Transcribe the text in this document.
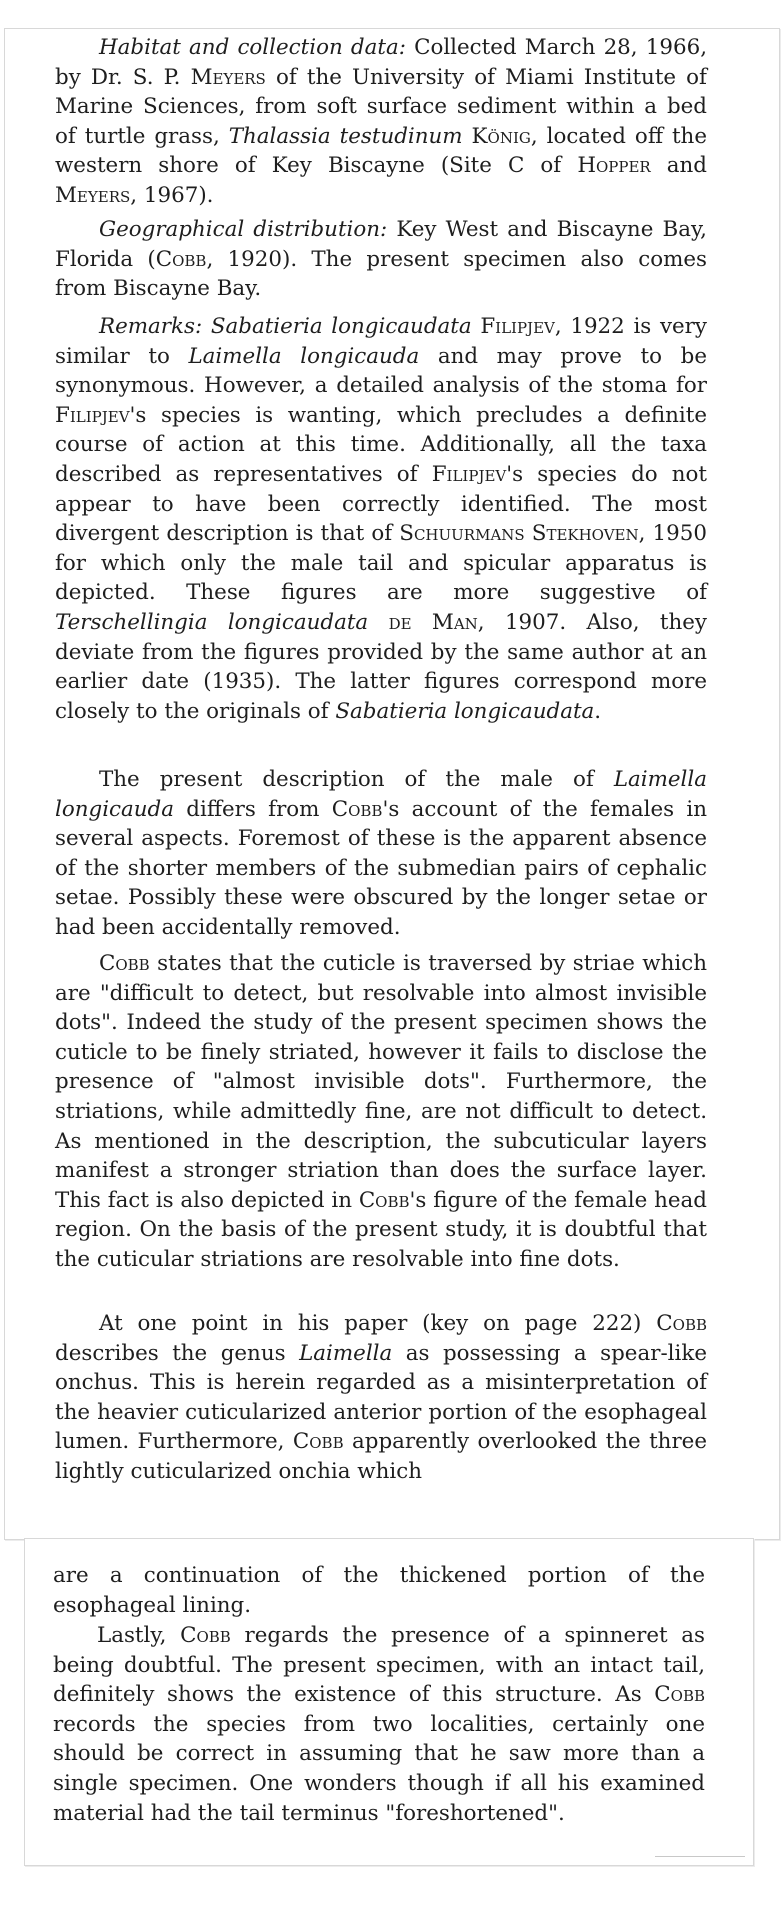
Habitat and collection data: Collected March 28, 1966, by Dr. S. P. Meyers of the University of Miami Institute of Marine Sciences, from soft surface sediment within a bed of turtle grass, Thalassia testudinum König, located off the western shore of Key Biscayne (Site C of Hopper and Meyers, 1967).

Geographical distribution: Key West and Biscayne Bay, Florida (Cobb, 1920). The present specimen also comes from Biscayne Bay.

Remarks: Sabatieria longicaudata Filipjev, 1922 is very similar to Laimella longicauda and may prove to be synonymous. However, a detailed analysis of the stoma for Filipjev's species is wanting, which precludes a definite course of action at this time. Additionally, all the taxa described as representatives of Filipjev's species do not appear to have been correctly identified. The most divergent description is that of Schuurmans Stekhoven, 1950 for which only the male tail and spicular apparatus is depicted. These figures are more suggestive of Terschellingia longicaudata de Man, 1907. Also, they deviate from the figures provided by the same author at an earlier date (1935). The latter figures correspond more closely to the originals of Sabatieria longicaudata.

The present description of the male of Laimella longicauda differs from Cobb's account of the females in several aspects. Foremost of these is the apparent absence of the shorter members of the submedian pairs of cephalic setae. Possibly these were obscured by the longer setae or had been accidentally removed.

Cobb states that the cuticle is traversed by striae which are "difficult to detect, but resolvable into almost invisible dots". Indeed the study of the present specimen shows the cuticle to be finely striated, however it fails to disclose the presence of "almost invisible dots". Furthermore, the striations, while admittedly fine, are not difficult to detect. As mentioned in the description, the subcuticular layers manifest a stronger striation than does the surface layer. This fact is also depicted in Cobb's figure of the female head region. On the basis of the present study, it is doubtful that the cuticular striations are resolvable into fine dots.

At one point in his paper (key on page 222) Cobb describes the genus Laimella as possessing a spear-like onchus. This is herein regarded as a misinterpretation of the heavier cuticularized anterior portion of the esophageal lumen. Furthermore, Cobb apparently overlooked the three lightly cuticularized onchia which

are a continuation of the thickened portion of the esophageal lining.

Lastly, Cobb regards the presence of a spinneret as being doubtful. The present specimen, with an intact tail, definitely shows the existence of this structure. As Cobb records the species from two localities, certainly one should be correct in assuming that he saw more than a single specimen. One wonders though if all his examined material had the tail terminus "foreshortened".
